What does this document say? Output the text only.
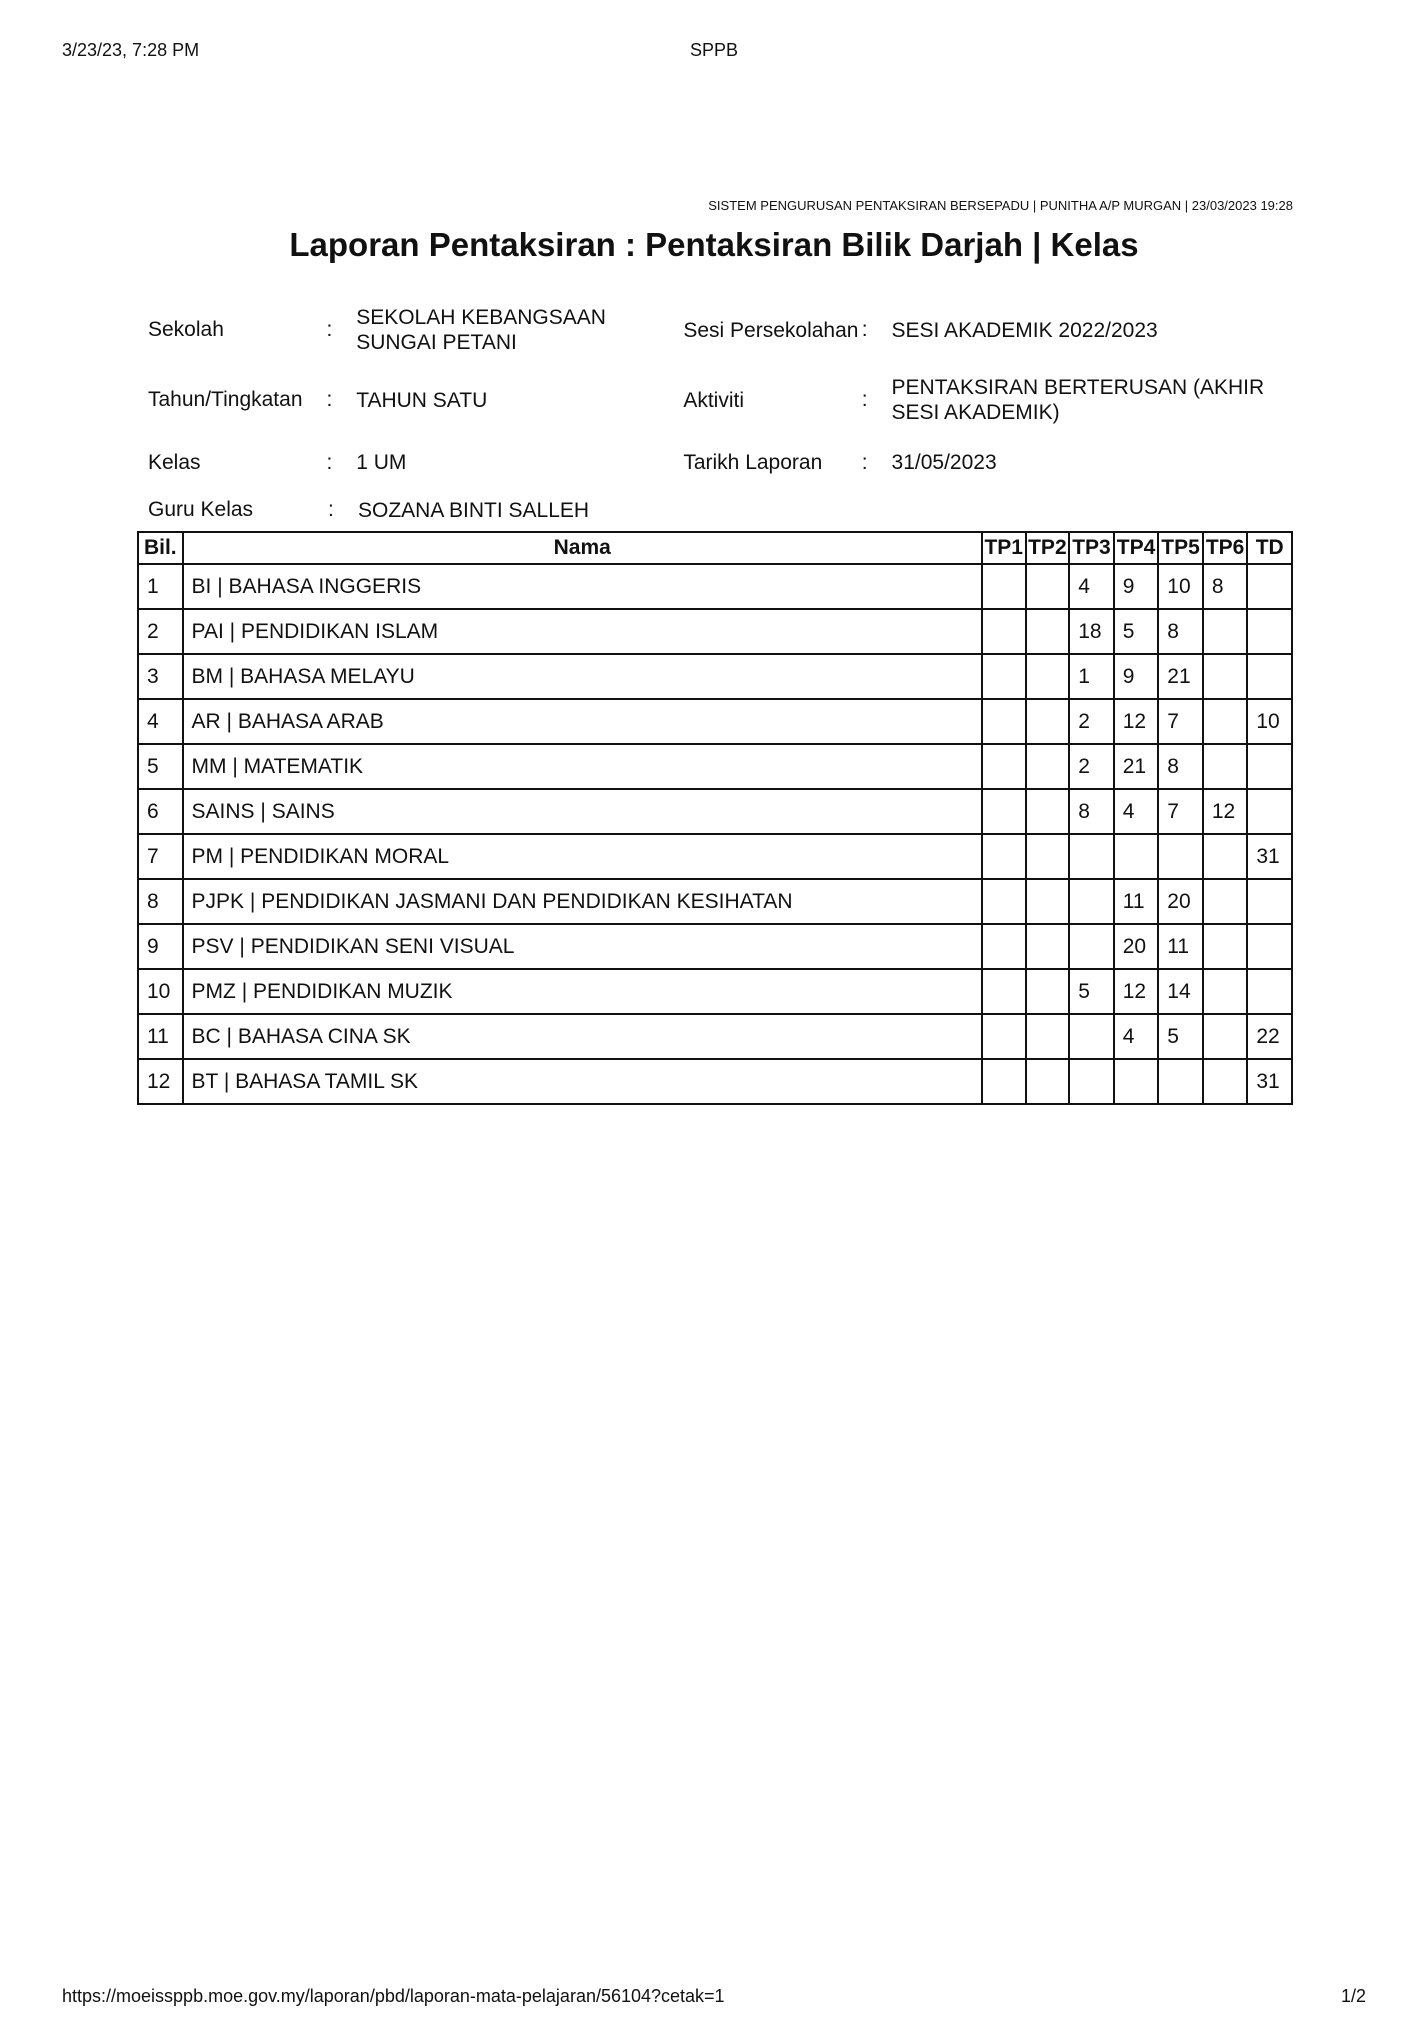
3/23/23, 7:28 PM	SPPB
SISTEM PENGURUSAN PENTAKSIRAN BERSEPADU | PUNITHA A/P MURGAN | 23/03/2023 19:28
Laporan Pentaksiran : Pentaksiran Bilik Darjah | Kelas
Sekolah	:
SEKOLAH KEBANGSAAN SUNGAI PETANI
Sesi Persekolahan :	SESI AKADEMIK 2022/2023
Tahun/Tingkatan	:	TAHUN SATU	Aktiviti	:
PENTAKSIRAN BERTERUSAN (AKHIR SESI AKADEMIK)
Kelas	:	1 UM	Tarikh Laporan	:	31/05/2023
Guru Kelas	:	SOZANA BINTI SALLEH
Bil.	Nama	TP1	TP2	TP3	TP4	TP5	TP6	TD
1	BI | BAHASA INGGERIS			4	9	10	8	
2	PAI | PENDIDIKAN ISLAM			18	5	8		
3	BM | BAHASA MELAYU			1	9	21		
4	AR | BAHASA ARAB			2	12	7		10
5	MM | MATEMATIK			2	21	8		
6	SAINS | SAINS			8	4	7	12	
7	PM | PENDIDIKAN MORAL							31
8	PJPK | PENDIDIKAN JASMANI DAN PENDIDIKAN KESIHATAN				11	20		
9	PSV | PENDIDIKAN SENI VISUAL				20	11		
10	PMZ | PENDIDIKAN MUZIK			5	12	14		
11	BC | BAHASA CINA SK				4	5		22
12	BT | BAHASA TAMIL SK							31
https://moeissppb.moe.gov.my/laporan/pbd/laporan-mata-pelajaran/56104?cetak=1	1/2
